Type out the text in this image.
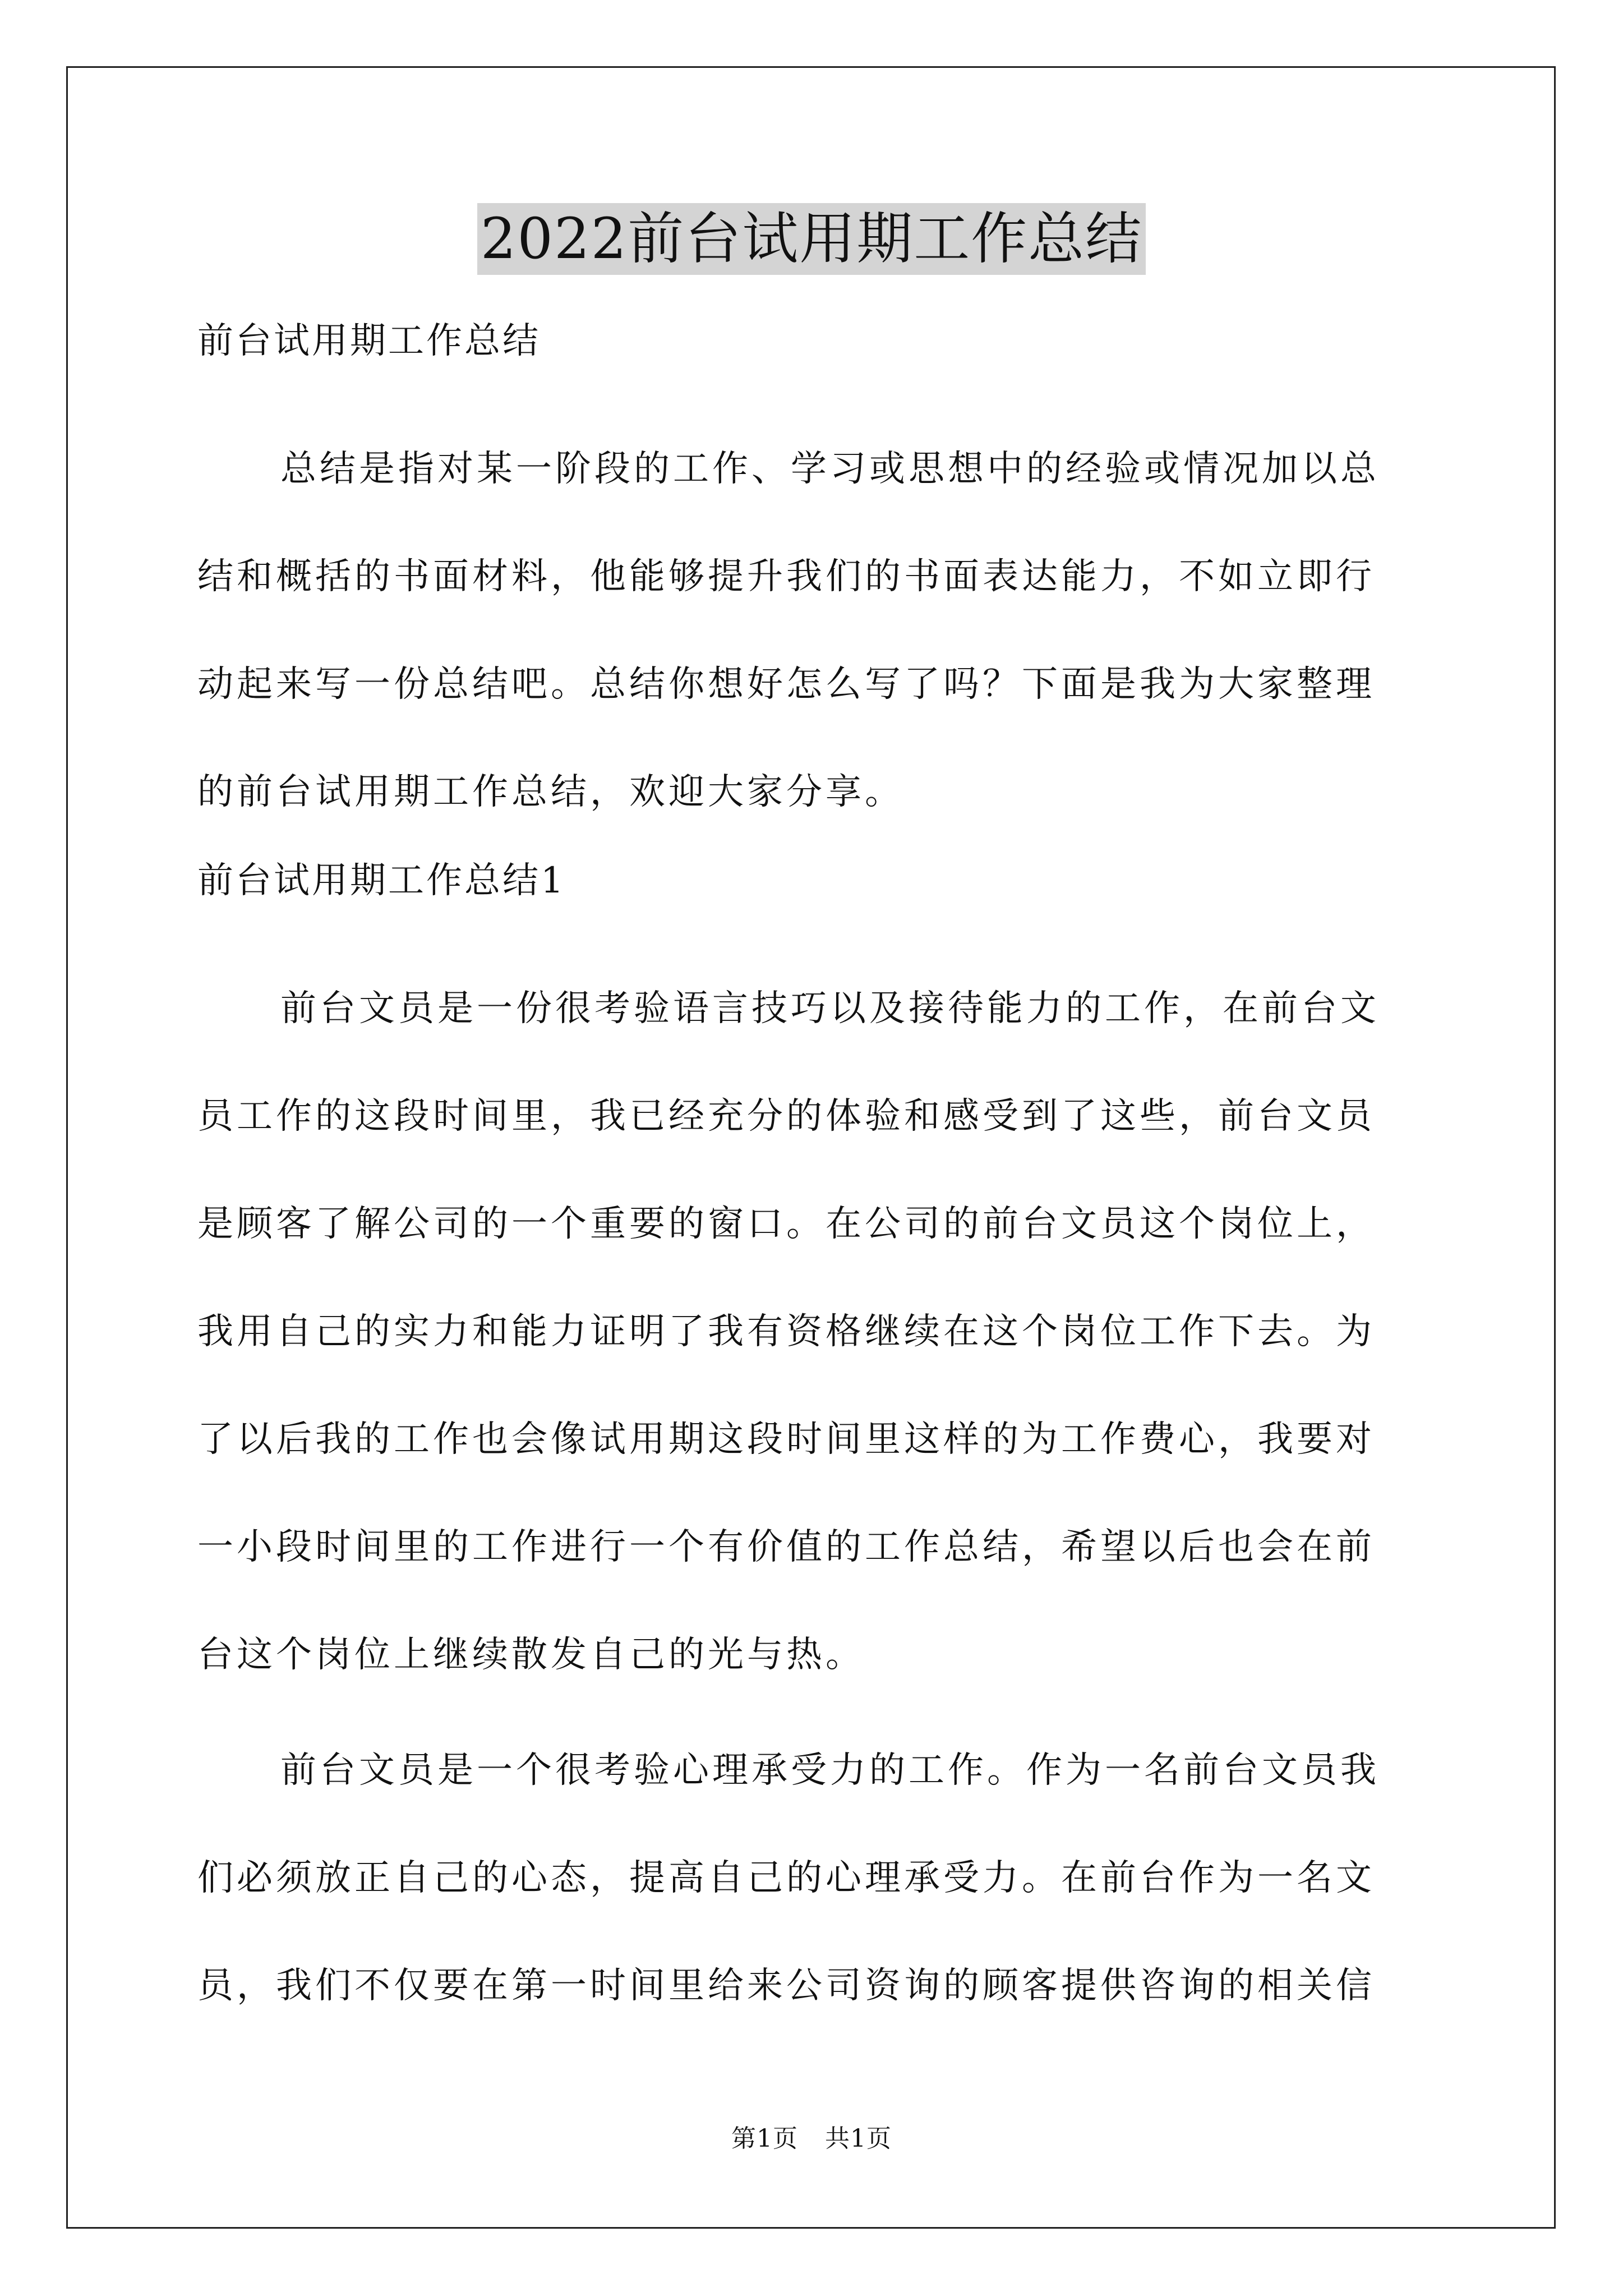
2022前台试用期工作总结
前台试用期工作总结

总结是指对某一阶段的工作、学习或思想中的经验或情况加以总
结和概括的书面材料，他能够提升我们的书面表达能力，不如立即行
动起来写一份总结吧。总结你想好怎么写了吗？下面是我为大家整理
的前台试用期工作总结，欢迎大家分享。

前台试用期工作总结1

前台文员是一份很考验语言技巧以及接待能力的工作，在前台文
员工作的这段时间里，我已经充分的体验和感受到了这些，前台文员
是顾客了解公司的一个重要的窗口。在公司的前台文员这个岗位上，
我用自己的实力和能力证明了我有资格继续在这个岗位工作下去。为
了以后我的工作也会像试用期这段时间里这样的为工作费心，我要对
一小段时间里的工作进行一个有价值的工作总结，希望以后也会在前
台这个岗位上继续散发自己的光与热。

前台文员是一个很考验心理承受力的工作。作为一名前台文员我
们必须放正自己的心态，提高自己的心理承受力。在前台作为一名文
员，我们不仅要在第一时间里给来公司资询的顾客提供咨询的相关信

第1页 共1页
